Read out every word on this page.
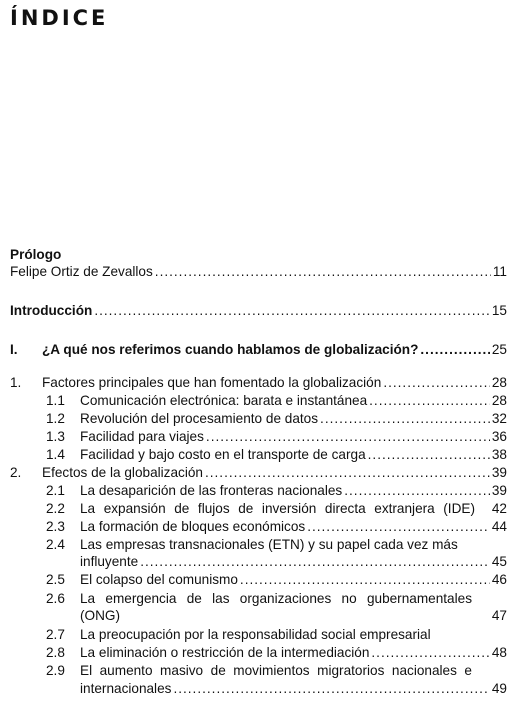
ÍNDICE
Prólogo
Felipe Ortiz de Zevallos .....	11
Introducción .....	15
I. ¿A qué nos referimos cuando hablamos de globalización? .....	25
1. Factores principales que han fomentado la globalización .....	28
1.1 Comunicación electrónica: barata e instantánea .....	28
1.2 Revolución del procesamiento de datos .....	32
1.3 Facilidad para viajes .....	36
1.4 Facilidad y bajo costo en el transporte de carga .....	38
2. Efectos de la globalización .....	39
2.1 La desaparición de las fronteras nacionales .....	39
2.2 La expansión de flujos de inversión directa extranjera (IDE)	42
2.3 La formación de bloques económicos .....	44
2.4 Las empresas transnacionales (ETN) y su papel cada vez más
influyente .....	45
2.5 El colapso del comunismo .....	46
2.6 La emergencia de las organizaciones no gubernamentales
(ONG)	47
2.7 La preocupación por la responsabilidad social empresarial
2.8 La eliminación o restricción de la intermediación .....	48
2.9 El aumento masivo de movimientos migratorios nacionales e
internacionales .....	49
